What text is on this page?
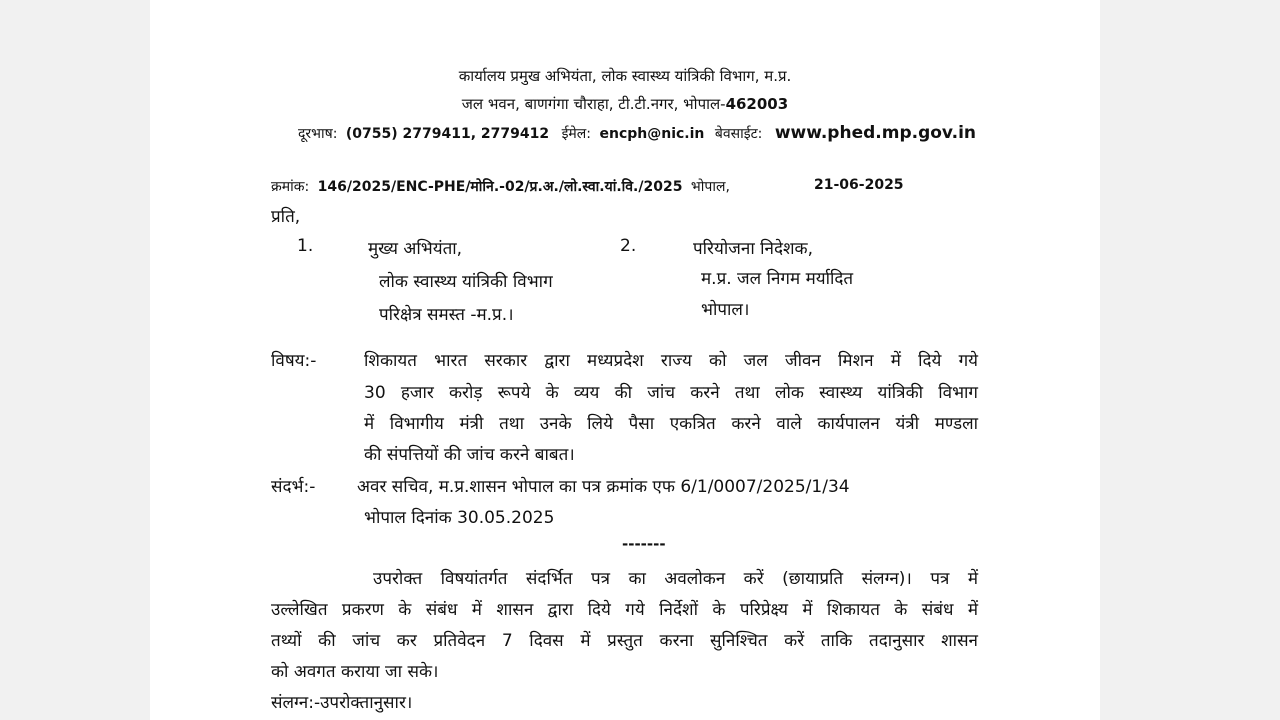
कार्यालय प्रमुख अभियंता, लोक स्वास्थ्य यांत्रिकी विभाग, म.प्र.
जल भवन, बाणगंगा चौराहा, टी.टी.नगर, भोपाल-462003
दूरभाष: (0755) 2779411, 2779412 ईमेल: encph@nic.in बेवसाईट: www.phed.mp.gov.in
क्रमांक: 146/2025/ENC-PHE/मोनि.-02/प्र.अ./लो.स्वा.यां.वि./2025 भोपाल,	21-06-2025
प्रति,
1.	मुख्य अभियंता,
लोक स्वास्थ्य यांत्रिकी विभाग
परिक्षेत्र समस्त -म.प्र.।
2.	परियोजना निदेशक,
म.प्र. जल निगम मर्यादित
भोपाल।
विषय:-	शिकायत भारत सरकार द्वारा मध्यप्रदेश राज्य को जल जीवन मिशन में दिये गये
30 हजार करोड़ रूपये के व्यय की जांच करने तथा लोक स्वास्थ्य यांत्रिकी विभाग
में विभागीय मंत्री तथा उनके लिये पैसा एकत्रित करने वाले कार्यपालन यंत्री मण्डला
की संपत्तियों की जांच करने बाबत।
संदर्भ:- अवर सचिव, म.प्र.शासन भोपाल का पत्र क्रमांक एफ 6/1/0007/2025/1/34
भोपाल दिनांक 30.05.2025
-------
उपरोक्त विषयांतर्गत संदर्भित पत्र का अवलोकन करें (छायाप्रति संलग्न)। पत्र में
उल्लेखित प्रकरण के संबंध में शासन द्वारा दिये गये निर्देशों के परिप्रेक्ष्य में शिकायत के संबंध में
तथ्यों की जांच कर प्रतिवेदन 7 दिवस में प्रस्तुत करना सुनिश्चित करें ताकि तदानुसार शासन
को अवगत कराया जा सके।
संलग्न:-उपरोक्तानुसार।
